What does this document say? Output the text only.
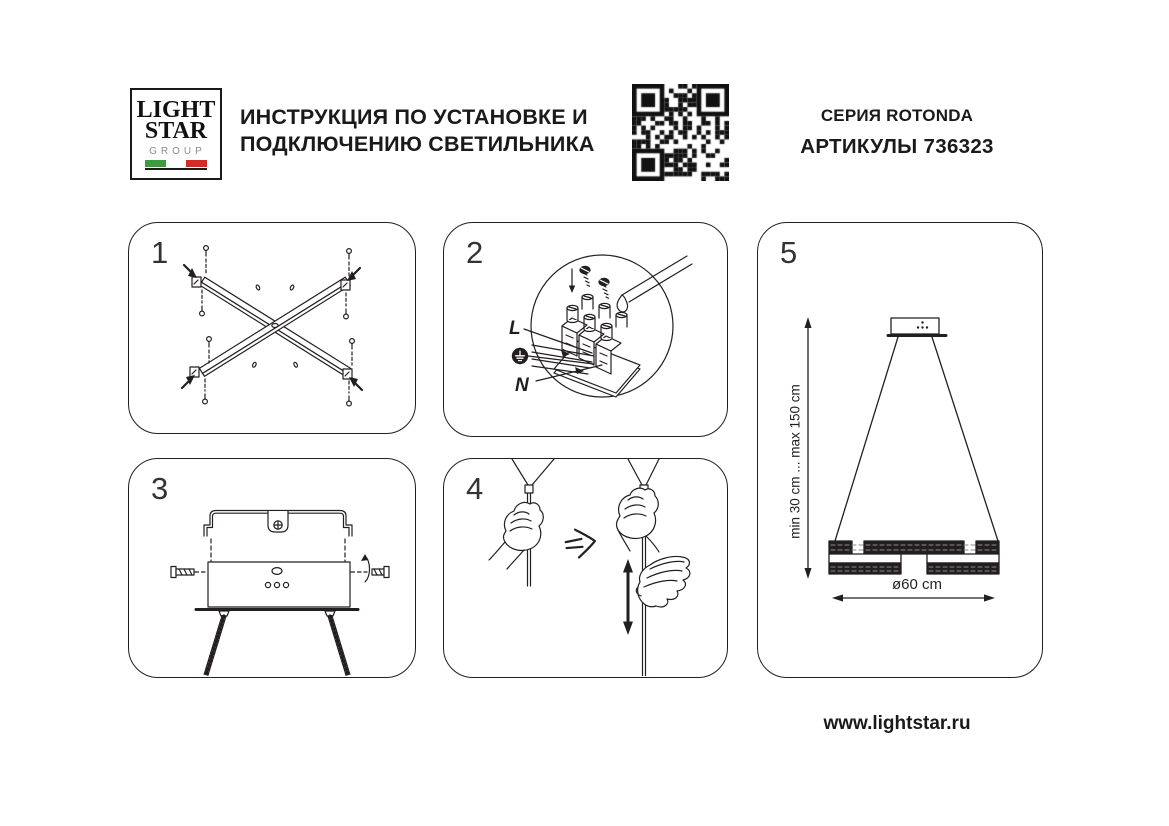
LIGHT
STAR
GROUP
ИНСТРУКЦИЯ ПО УСТАНОВКЕ И
ПОДКЛЮЧЕНИЮ СВЕТИЛЬНИКА
СЕРИЯ ROTONDA
АРТИКУЛЫ 736323
1	2
L
N
3	4
5
min 30 cm ... max 150 cm
ø60 cm
www.lightstar.ru
